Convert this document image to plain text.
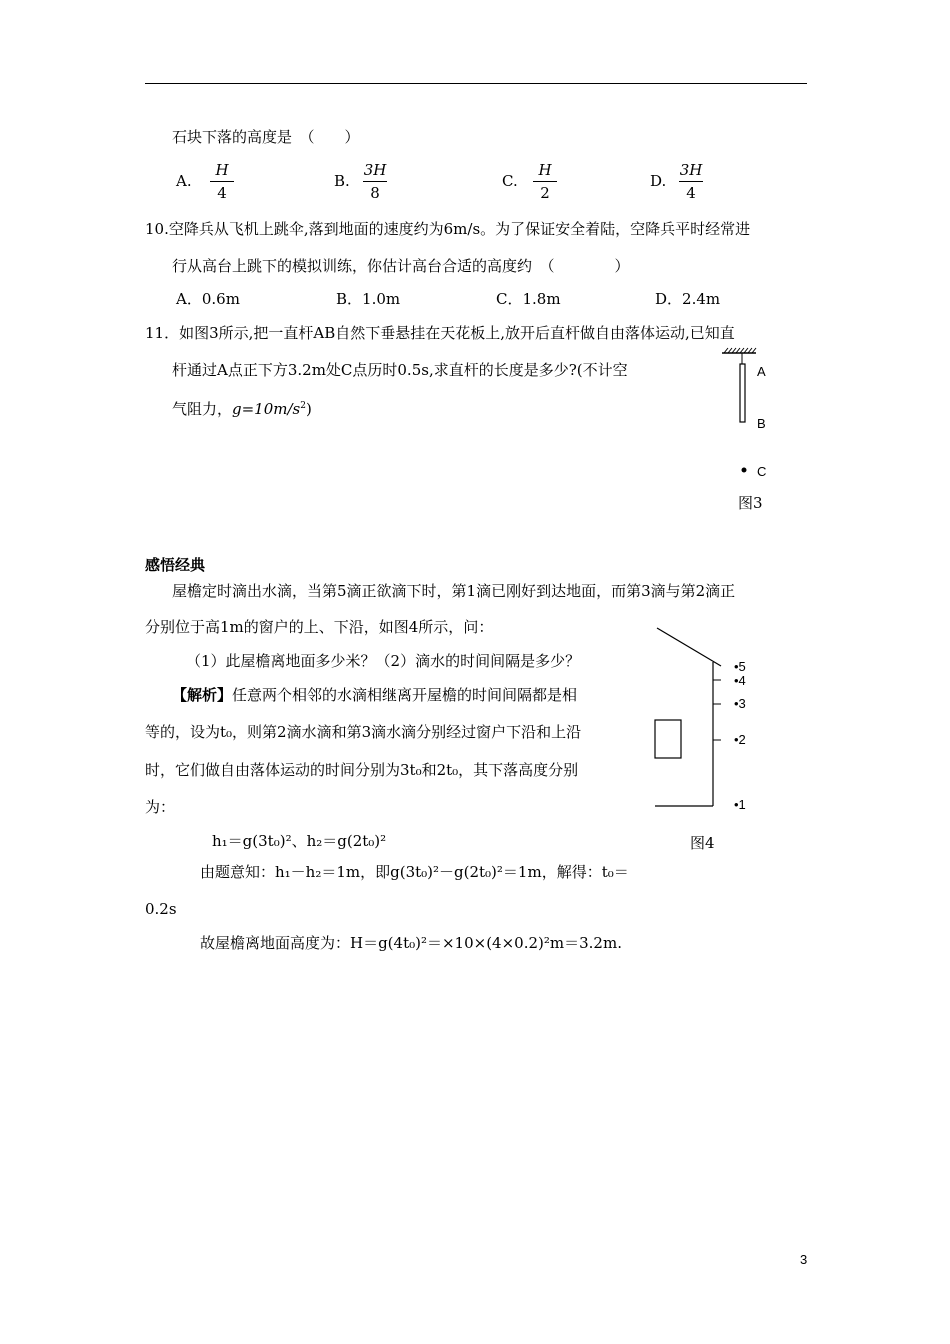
石块下落的高度是　（　　）
A.
H
4
B.
3H
8
C.
H
2
D.
3H
4
10.空降兵从飞机上跳伞,落到地面的速度约为6m/s。为了保证安全着陆，空降兵平时经常进
行从高台上跳下的模拟训练，你估计高台合适的高度约　（　　　　）
A．0.6m	B．1.0m	C．1.8m	D．2.4m
11．如图3所示,把一直杆AB自然下垂悬挂在天花板上,放开后直杆做自由落体运动,已知直
杆通过A点正下方3.2m处C点历时0.5s,求直杆的长度是多少?(不计空
气阻力，$g=10m/s^2$)
A
B
C
图3
感悟经典
屋檐定时滴出水滴，当第5滴正欲滴下时，第1滴已刚好到达地面，而第3滴与第2滴正
分别位于高1m的窗户的上、下沿，如图4所示，问：
（1）此屋檐离地面多少米？（2）滴水的时间间隔是多少？
【解析】任意两个相邻的水滴相继离开屋檐的时间间隔都是相
等的，设为t₀，则第2滴水滴和第3滴水滴分别经过窗户下沿和上沿
时，它们做自由落体运动的时间分别为3t₀和2t₀，其下落高度分别
为：
h₁＝g(3t₀)²、h₂＝g(2t₀)²
由题意知：h₁－h₂＝1m，即g(3t₀)²－g(2t₀)²＝1m，解得：t₀＝
0.2s
故屋檐离地面高度为：H＝g(4t₀)²＝×10×(4×0.2)²m＝3.2m.
•5
•4
•3
•2
•1
图4
3
